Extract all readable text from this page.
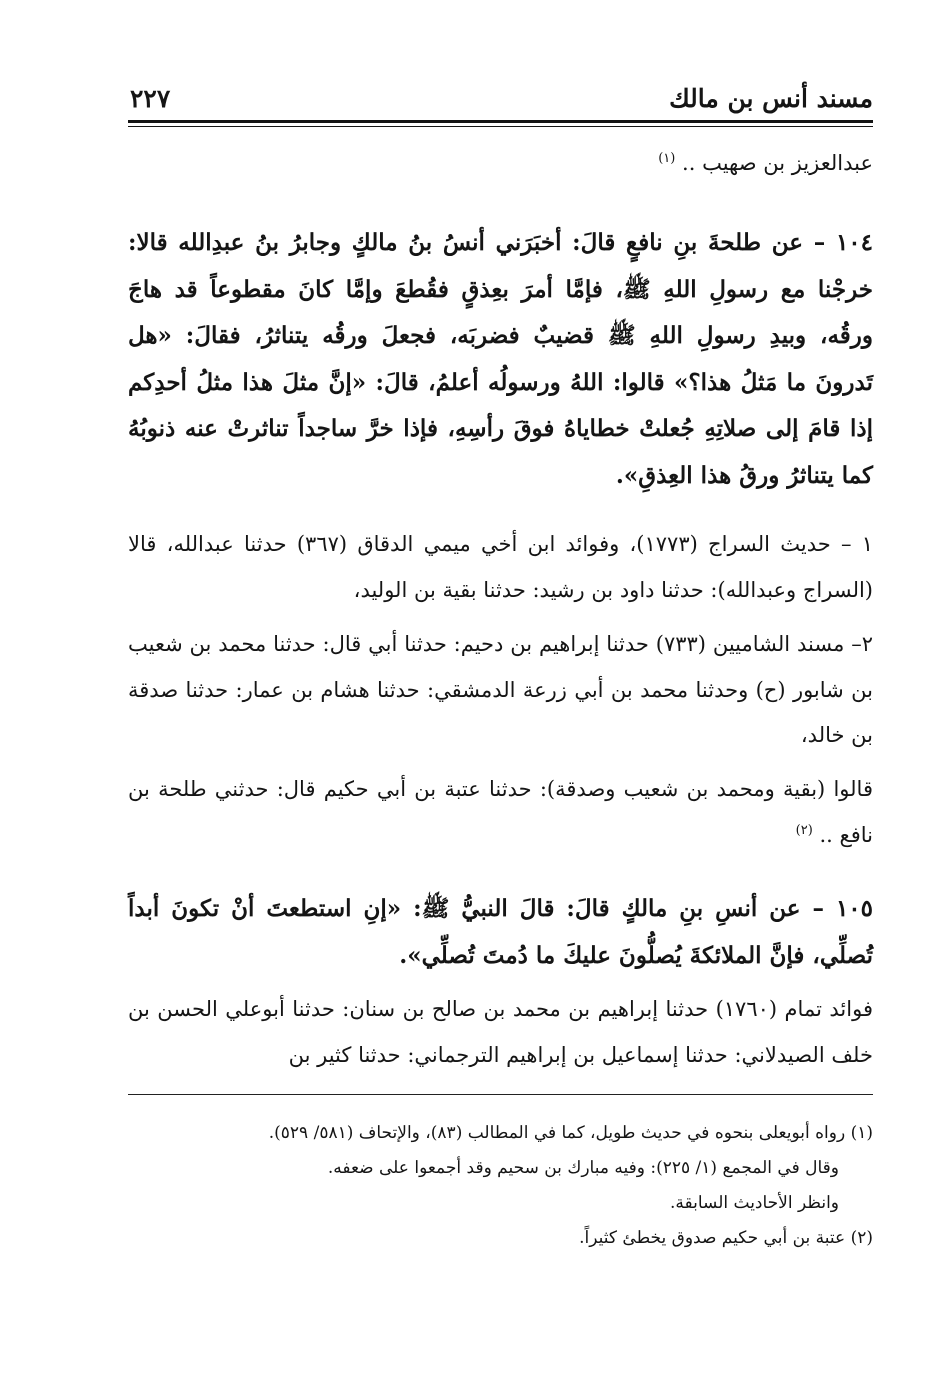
مسند أنس بن مالك
٢٢٧
عبدالعزيز بن صهيب .. $^{(١)}$
١٠٤ – عن طلحةَ بنِ نافعٍ قالَ: أخبَرَني أنسُ بنُ مالكٍ وجابرُ بنُ عبدِالله قالا: خرجْنا مع رسولِ اللهِ ﷺ، فإمَّا أمرَ بعِذقٍ فقُطعَ وإمَّا كانَ مقطوعاً قد هاجَ ورقُه، وبيدِ رسولِ اللهِ ﷺ قضيبٌ فضربَه، فجعلَ ورقُه يتناثرُ، فقالَ: «هل تَدرونَ ما مَثلُ هذا؟» قالوا: اللهُ ورسولُه أعلمُ، قالَ: «إنَّ مثلَ هذا مثلُ أحدِكم إذا قامَ إلى صلاتِهِ جُعلتْ خطاياهُ فوقَ رأسِهِ، فإذا خرَّ ساجداً تناثرتْ عنه ذنوبُهُ كما يتناثرُ ورقُ هذا العِذقِ».
١ – حديث السراج (١٧٧٣)، وفوائد ابن أخي ميمي الدقاق (٣٦٧) حدثنا عبدالله، قالا (السراج وعبدالله): حدثنا داود بن رشيد: حدثنا بقية بن الوليد،
٢– مسند الشاميين (٧٣٣) حدثنا إبراهيم بن دحيم: حدثنا أبي قال: حدثنا محمد بن شعيب بن شابور (ح) وحدثنا محمد بن أبي زرعة الدمشقي: حدثنا هشام بن عمار: حدثنا صدقة بن خالد،
قالوا (بقية ومحمد بن شعيب وصدقة): حدثنا عتبة بن أبي حكيم قال: حدثني طلحة بن نافع .. $^{(٢)}$
١٠٥ – عن أنسِ بنِ مالكٍ قالَ: قالَ النبيُّ ﷺ: «إنِ استطعتَ أنْ تكونَ أبداً تُصلِّي، فإنَّ الملائكةَ يُصلُّونَ عليكَ ما دُمتَ تُصلِّي».
فوائد تمام (١٧٦٠) حدثنا إبراهيم بن محمد بن صالح بن سنان: حدثنا أبوعلي الحسن بن خلف الصيدلاني: حدثنا إسماعيل بن إبراهيم الترجماني: حدثنا كثير بن
(١) رواه أبويعلى بنحوه في حديث طويل، كما في المطالب (٨٣)، والإتحاف (٥٨١/ ٥٢٩).
وقال في المجمع (١/ ٢٢٥): وفيه مبارك بن سحيم وقد أجمعوا على ضعفه.
وانظر الأحاديث السابقة.
(٢) عتبة بن أبي حكيم صدوق يخطئ كثيراً.
